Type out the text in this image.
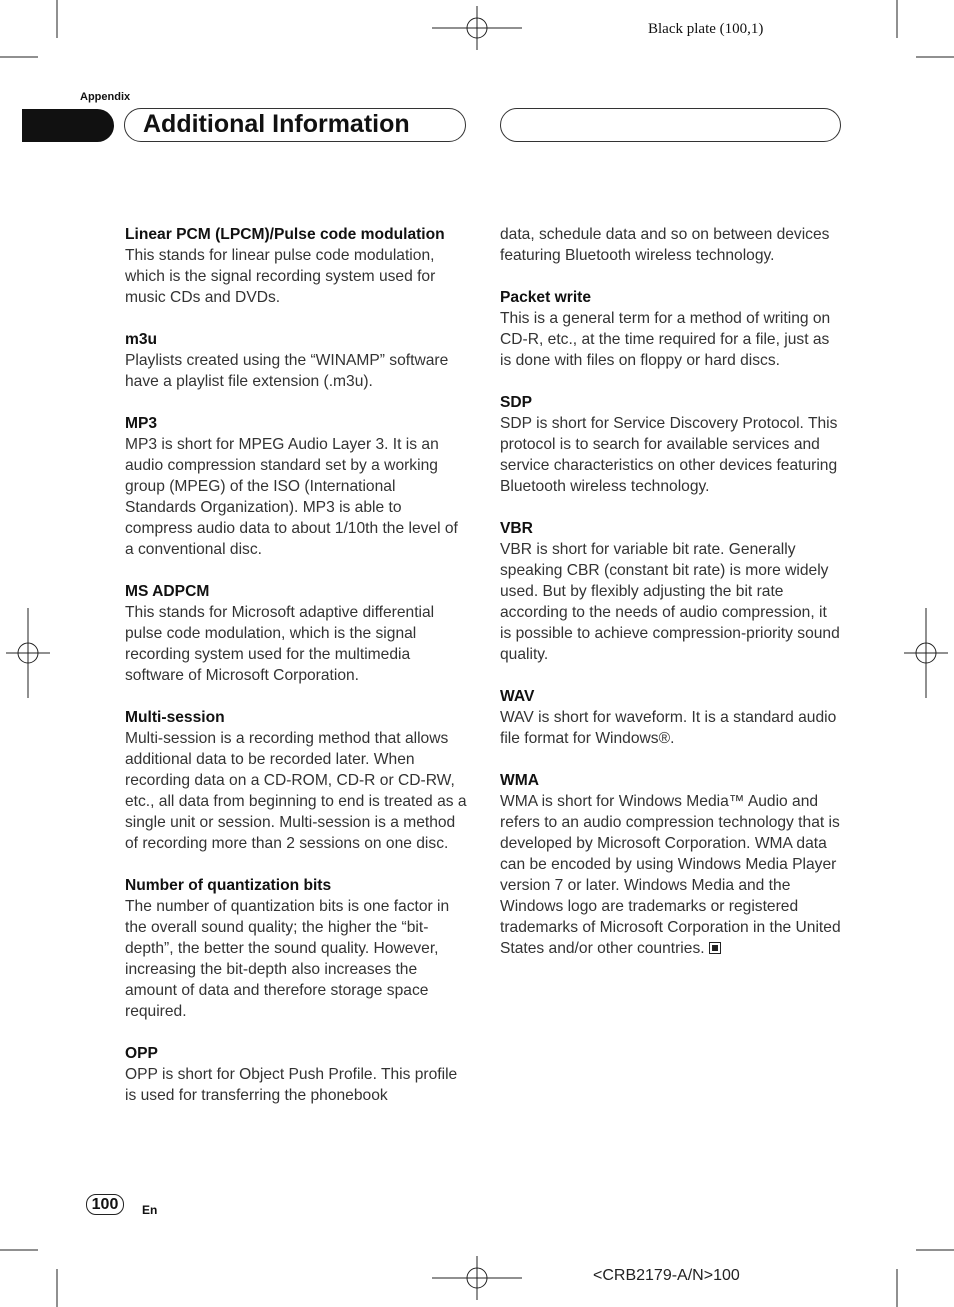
Black plate (100,1)
Appendix
Additional Information
Linear PCM (LPCM)/Pulse code modulation
This stands for linear pulse code modulation, which is the signal recording system used for music CDs and DVDs.
m3u
Playlists created using the “WINAMP” software have a playlist file extension (.m3u).
MP3
MP3 is short for MPEG Audio Layer 3. It is an audio compression standard set by a working group (MPEG) of the ISO (International Standards Organization). MP3 is able to compress audio data to about 1/10th the level of a conventional disc.
MS ADPCM
This stands for Microsoft adaptive differential pulse code modulation, which is the signal recording system used for the multimedia software of Microsoft Corporation.
Multi-session
Multi-session is a recording method that allows additional data to be recorded later. When recording data on a CD-ROM, CD-R or CD-RW, etc., all data from beginning to end is treated as a single unit or session. Multi-session is a method of recording more than 2 sessions on one disc.
Number of quantization bits
The number of quantization bits is one factor in the overall sound quality; the higher the “bit-depth”, the better the sound quality. However, increasing the bit-depth also increases the amount of data and therefore storage space required.
OPP
OPP is short for Object Push Profile. This profile is used for transferring the phonebook
data, schedule data and so on between devices featuring Bluetooth wireless technology.
Packet write
This is a general term for a method of writing on CD-R, etc., at the time required for a file, just as is done with files on floppy or hard discs.
SDP
SDP is short for Service Discovery Protocol. This protocol is to search for available services and service characteristics on other devices featuring Bluetooth wireless technology.
VBR
VBR is short for variable bit rate. Generally speaking CBR (constant bit rate) is more widely used. But by flexibly adjusting the bit rate according to the needs of audio compression, it is possible to achieve compression-priority sound quality.
WAV
WAV is short for waveform. It is a standard audio file format for Windows®.
WMA
WMA is short for Windows Media™ Audio and refers to an audio compression technology that is developed by Microsoft Corporation. WMA data can be encoded by using Windows Media Player version 7 or later. Windows Media and the Windows logo are trademarks or registered trademarks of Microsoft Corporation in the United States and/or other countries.
100	En
<CRB2179-A/N>100
